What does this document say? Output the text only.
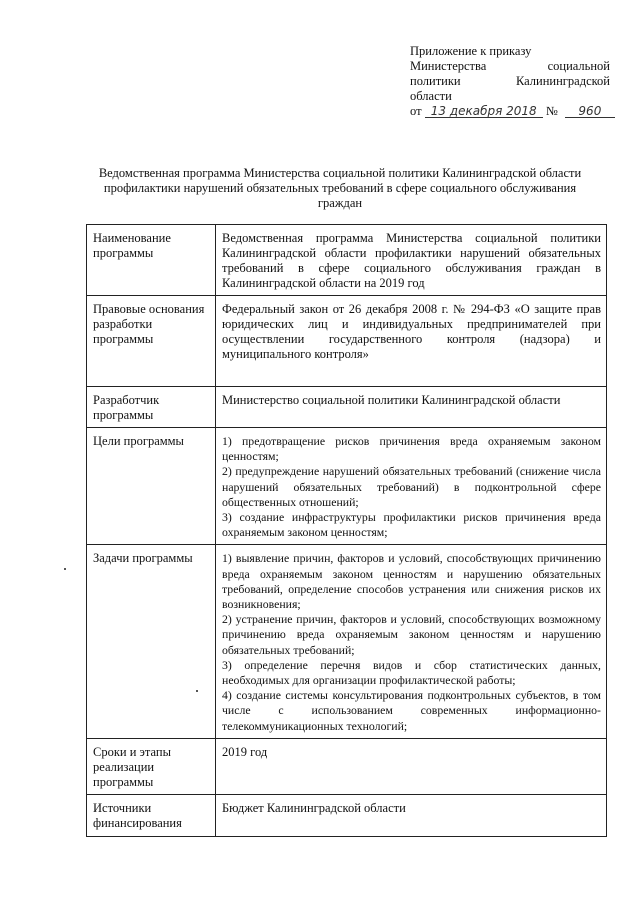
Приложение к приказу
Министерства социальной
политики Калининградской
области
от 13 декабря 2018 № 960
Ведомственная программа Министерства социальной политики Калининградской области
профилактики нарушений обязательных требований в сфере социального обслуживания
граждан
Наименование программы	Ведомственная программа Министерства социальной политики Калининградской области профилактики нарушений обязательных требований в сфере социального обслуживания граждан в Калининградской области на 2019 год

Правовые основания разработки программы	Федеральный закон от 26 декабря 2008 г. № 294-ФЗ «О защите прав юридических лиц и индивидуальных предпринимателей при осуществлении государственного контроля (надзора) и муниципального контроля»

Разработчик программы	Министерство социальной политики Калининградской области

Цели программы	1) предотвращение рисков причинения вреда охраняемым законом ценностям;
2) предупреждение нарушений обязательных требований (снижение числа нарушений обязательных требований) в подконтрольной сфере общественных отношений;
3) создание инфраструктуры профилактики рисков причинения вреда охраняемым законом ценностям;

Задачи программы	1) выявление причин, факторов и условий, способствующих причинению вреда охраняемым законом ценностям и нарушению обязательных требований, определение способов устранения или снижения рисков их возникновения;
2) устранение причин, факторов и условий, способствующих возможному причинению вреда охраняемым законом ценностям и нарушению обязательных требований;
3) определение перечня видов и сбор статистических данных, необходимых для организации профилактической работы;
4) создание системы консультирования подконтрольных субъектов, в том числе с использованием современных информационно-телекоммуникационных технологий;

Сроки и этапы реализации программы	2019 год

Источники финансирования	Бюджет Калининградской области
